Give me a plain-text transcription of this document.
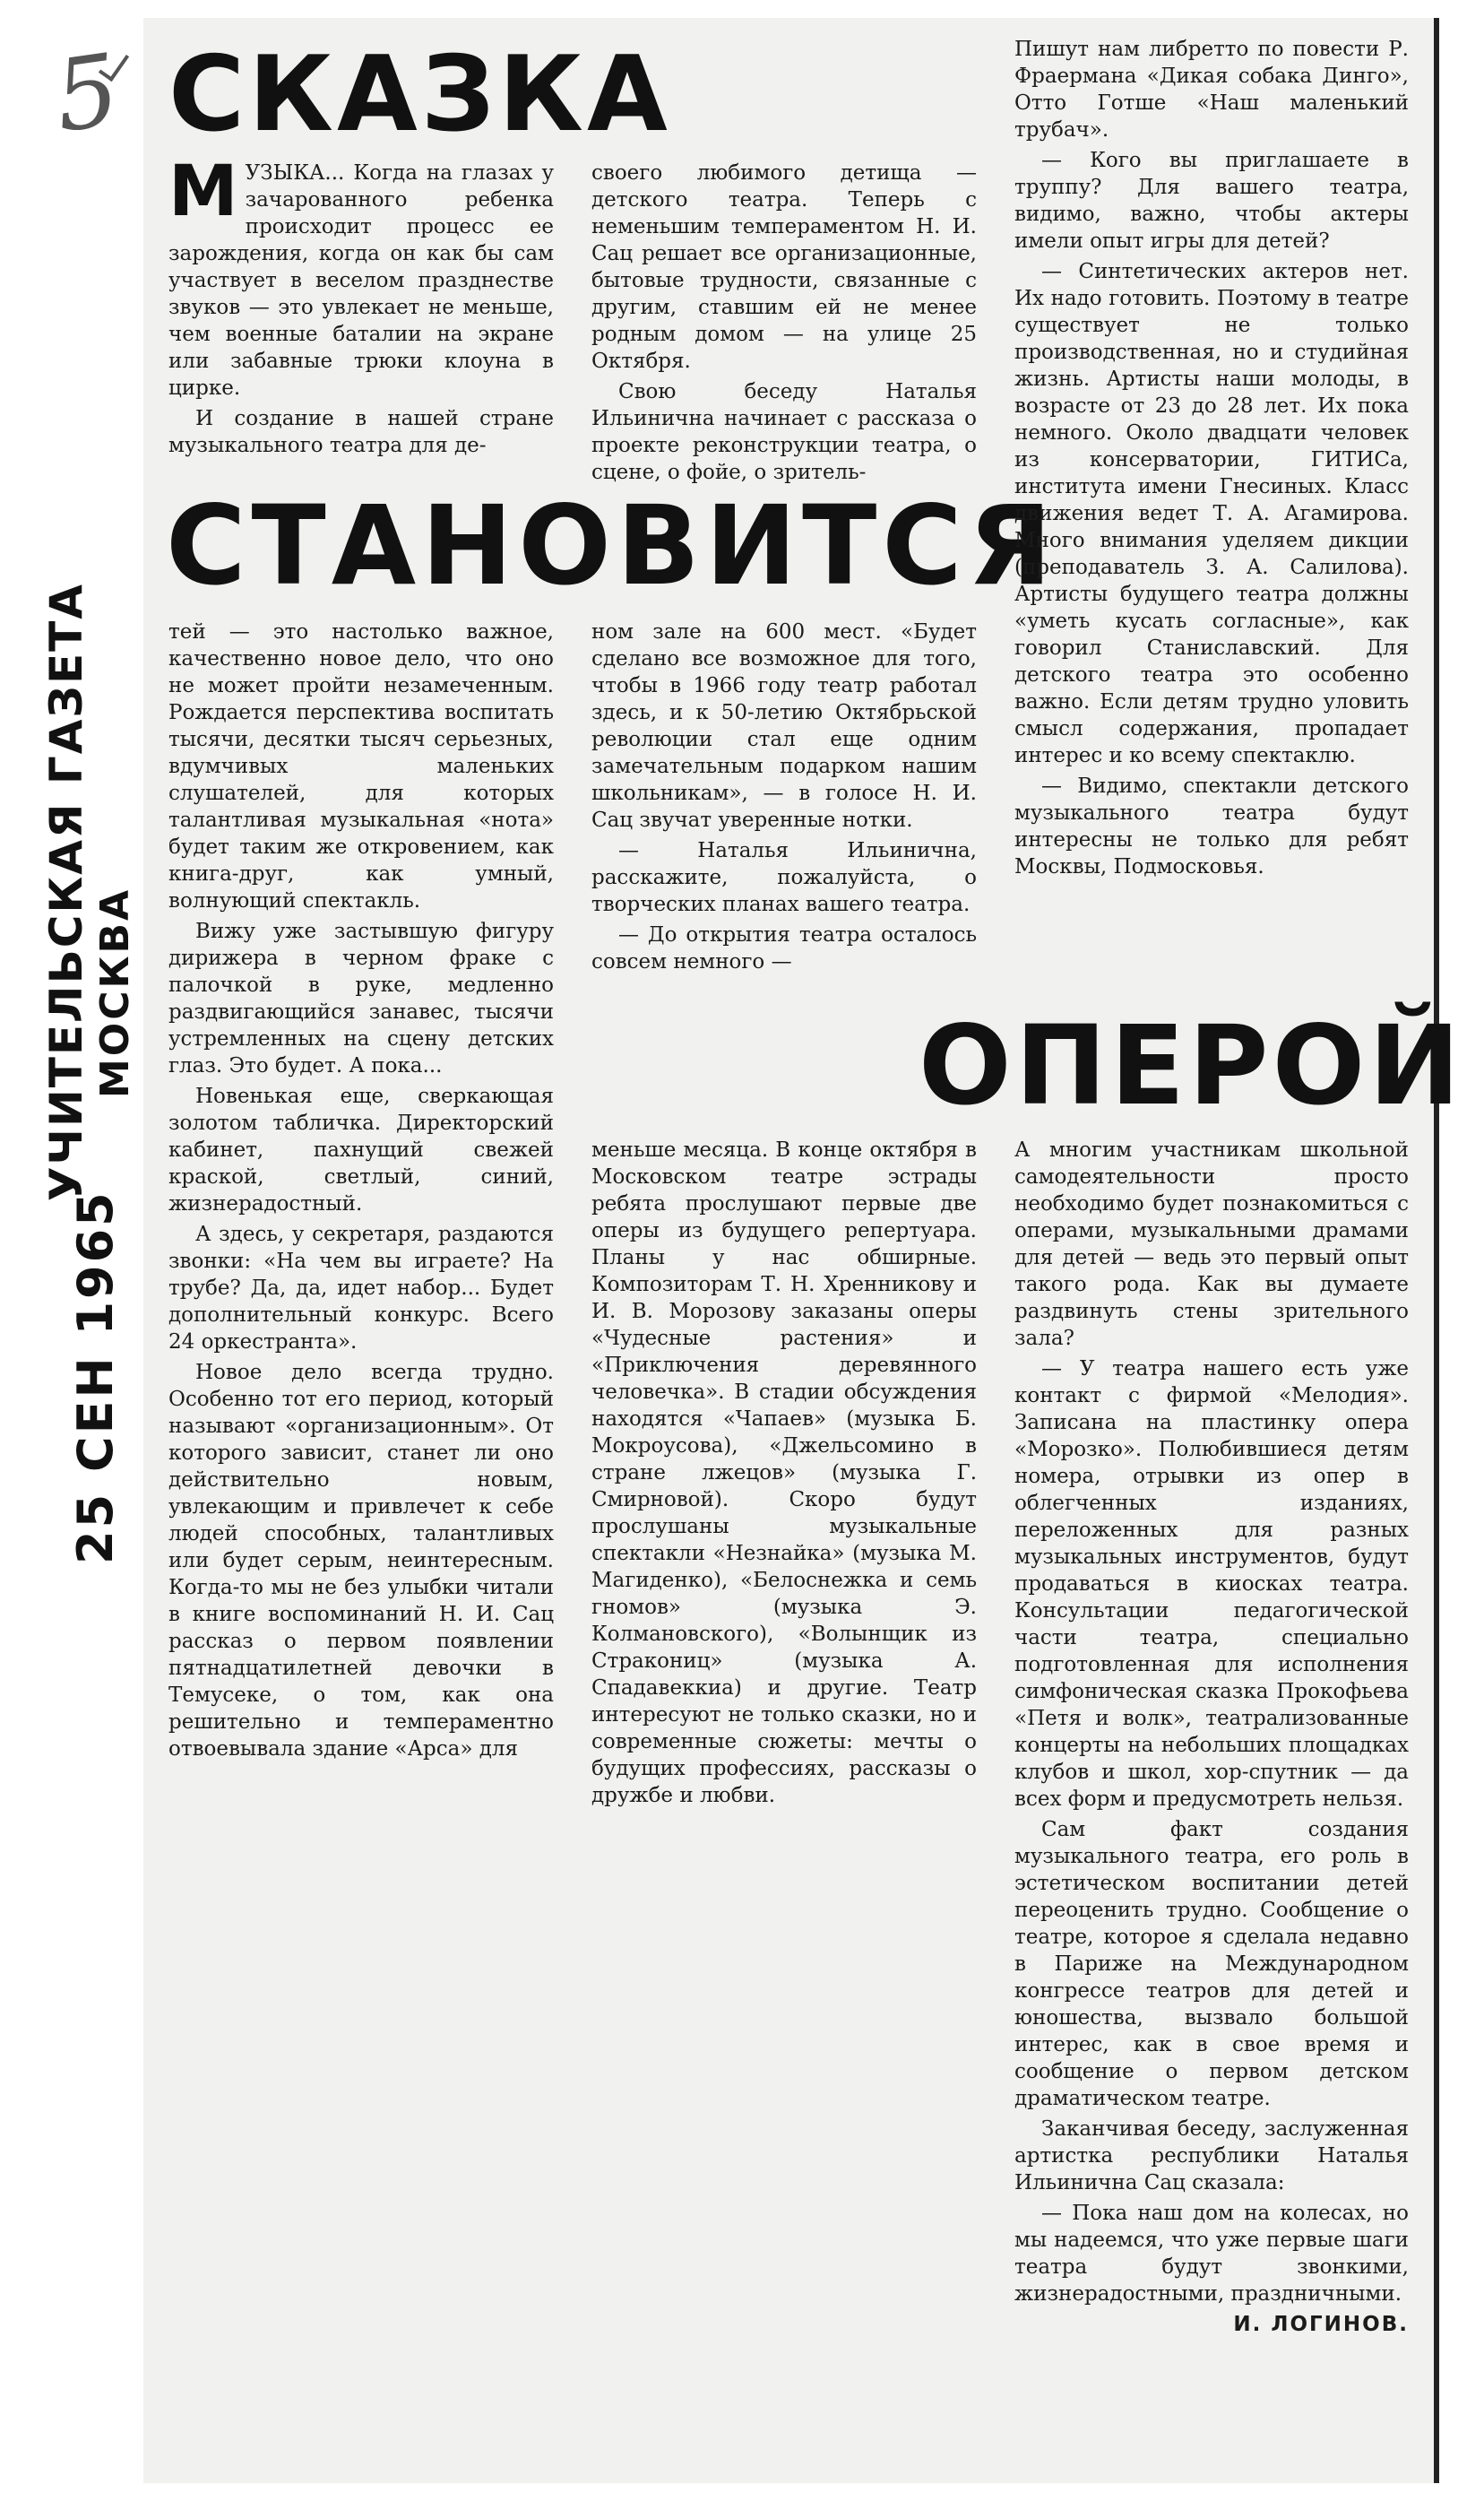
5 СКАЗКА
СТАНОВИТСЯ
ОПЕРОЙ
УЧИТЕЛЬСКАЯ ГАЗЕТА МОСКВА
25 СЕН 1965

МУЗЫКА... Когда на глазах у зачарованного ребенка происходит процесс ее зарождения, когда он как бы сам участвует в веселом празднестве звуков — это увлекает не меньше, чем военные баталии на экране или забавные трюки клоуна в цирке.

И создание в нашей стране музыкального театра для де-

своего любимого детища — детского театра. Теперь с неменьшим темпераментом Н. И. Сац решает все организационные, бытовые трудности, связанные с другим, ставшим ей не менее родным домом — на улице 25 Октября.

Свою беседу Наталья Ильинична начинает с рассказа о проекте реконструкции театра, о сцене, о фойе, о зритель-

Пишут нам либретто по повести Р. Фраермана «Дикая собака Динго», Отто Готше «Наш маленький трубач».

— Кого вы приглашаете в труппу? Для вашего театра, видимо, важно, чтобы актеры имели опыт игры для детей?

— Синтетических актеров нет. Их надо готовить. Поэтому в театре существует не только производственная, но и студийная жизнь. Артисты наши молоды, в возрасте от 23 до 28 лет. Их пока немного. Около двадцати человек из консерватории, ГИТИСа, института имени Гнесиных. Класс движения ведет Т. А. Агамирова. Много внимания уделяем дикции (преподаватель З. А. Салилова). Артисты будущего театра должны «уметь кусать согласные», как говорил Станиславский. Для детского театра это особенно важно. Если детям трудно уловить смысл содержания, пропадает интерес и ко всему спектаклю.

— Видимо, спектакли детского музыкального театра будут интересны не только для ребят Москвы, Подмосковья.

тей — это настолько важное, качественно новое дело, что оно не может пройти незамеченным. Рождается перспектива воспитать тысячи, десятки тысяч серьезных, вдумчивых маленьких слушателей, для которых талантливая музыкальная «нота» будет таким же откровением, как книга-друг, как умный, волнующий спектакль.

Вижу уже застывшую фигуру дирижера в черном фраке с палочкой в руке, медленно раздвигающийся занавес, тысячи устремленных на сцену детских глаз. Это будет. А пока...

Новенькая еще, сверкающая золотом табличка. Директорский кабинет, пахнущий свежей краской, светлый, синий, жизнерадостный.

А здесь, у секретаря, раздаются звонки: «На чем вы играете? На трубе? Да, да, идет набор... Будет дополнительный конкурс. Всего 24 оркестранта».

Новое дело всегда трудно. Особенно тот его период, который называют «организационным». От которого зависит, станет ли оно действительно новым, увлекающим и привлечет к себе людей способных, талантливых или будет серым, неинтересным. Когда-то мы не без улыбки читали в книге воспоминаний Н. И. Сац рассказ о первом появлении пятнадцатилетней девочки в Темусеке, о том, как она решительно и темпераментно отвоевывала здание «Арса» для

ном зале на 600 мест. «Будет сделано все возможное для того, чтобы в 1966 году театр работал здесь, и к 50-летию Октябрьской революции стал еще одним замечательным подарком нашим школьникам», — в голосе Н. И. Сац звучат уверенные нотки.

— Наталья Ильинична, расскажите, пожалуйста, о творческих планах вашего театра.

— До открытия театра осталось совсем немного —

меньше месяца. В конце октября в Московском театре эстрады ребята прослушают первые две оперы из будущего репертуара. Планы у нас обширные. Композиторам Т. Н. Хренникову и И. В. Морозову заказаны оперы «Чудесные растения» и «Приключения деревянного человечка». В стадии обсуждения находятся «Чапаев» (музыка Б. Мокроусова), «Джельсомино в стране лжецов» (музыка Г. Смирновой). Скоро будут прослушаны музыкальные спектакли «Незнайка» (музыка М. Магиденко), «Белоснежка и семь гномов» (музыка Э. Колмановского), «Волынщик из Стракониц» (музыка А. Спадавеккиа) и другие. Театр интересуют не только сказки, но и современные сюжеты: мечты о будущих профессиях, рассказы о дружбе и любви.

А многим участникам школьной самодеятельности просто необходимо будет познакомиться с операми, музыкальными драмами для детей — ведь это первый опыт такого рода. Как вы думаете раздвинуть стены зрительного зала?

— У театра нашего есть уже контакт с фирмой «Мелодия». Записана на пластинку опера «Морозко». Полюбившиеся детям номера, отрывки из опер в облегченных изданиях, переложенных для разных музыкальных инструментов, будут продаваться в киосках театра. Консультации педагогической части театра, специально подготовленная для исполнения симфоническая сказка Прокофьева «Петя и волк», театрализованные концерты на небольших площадках клубов и школ, хор-спутник — да всех форм и предусмотреть нельзя.

Сам факт создания музыкального театра, его роль в эстетическом воспитании детей переоценить трудно. Сообщение о театре, которое я сделала недавно в Париже на Международном конгрессе театров для детей и юношества, вызвало большой интерес, как в свое время и сообщение о первом детском драматическом театре.

Заканчивая беседу, заслуженная артистка республики Наталья Ильинична Сац сказала:

— Пока наш дом на колесах, но мы надеемся, что уже первые шаги театра будут звонкими, жизнерадостными, праздничными.

И. ЛОГИНОВ.
